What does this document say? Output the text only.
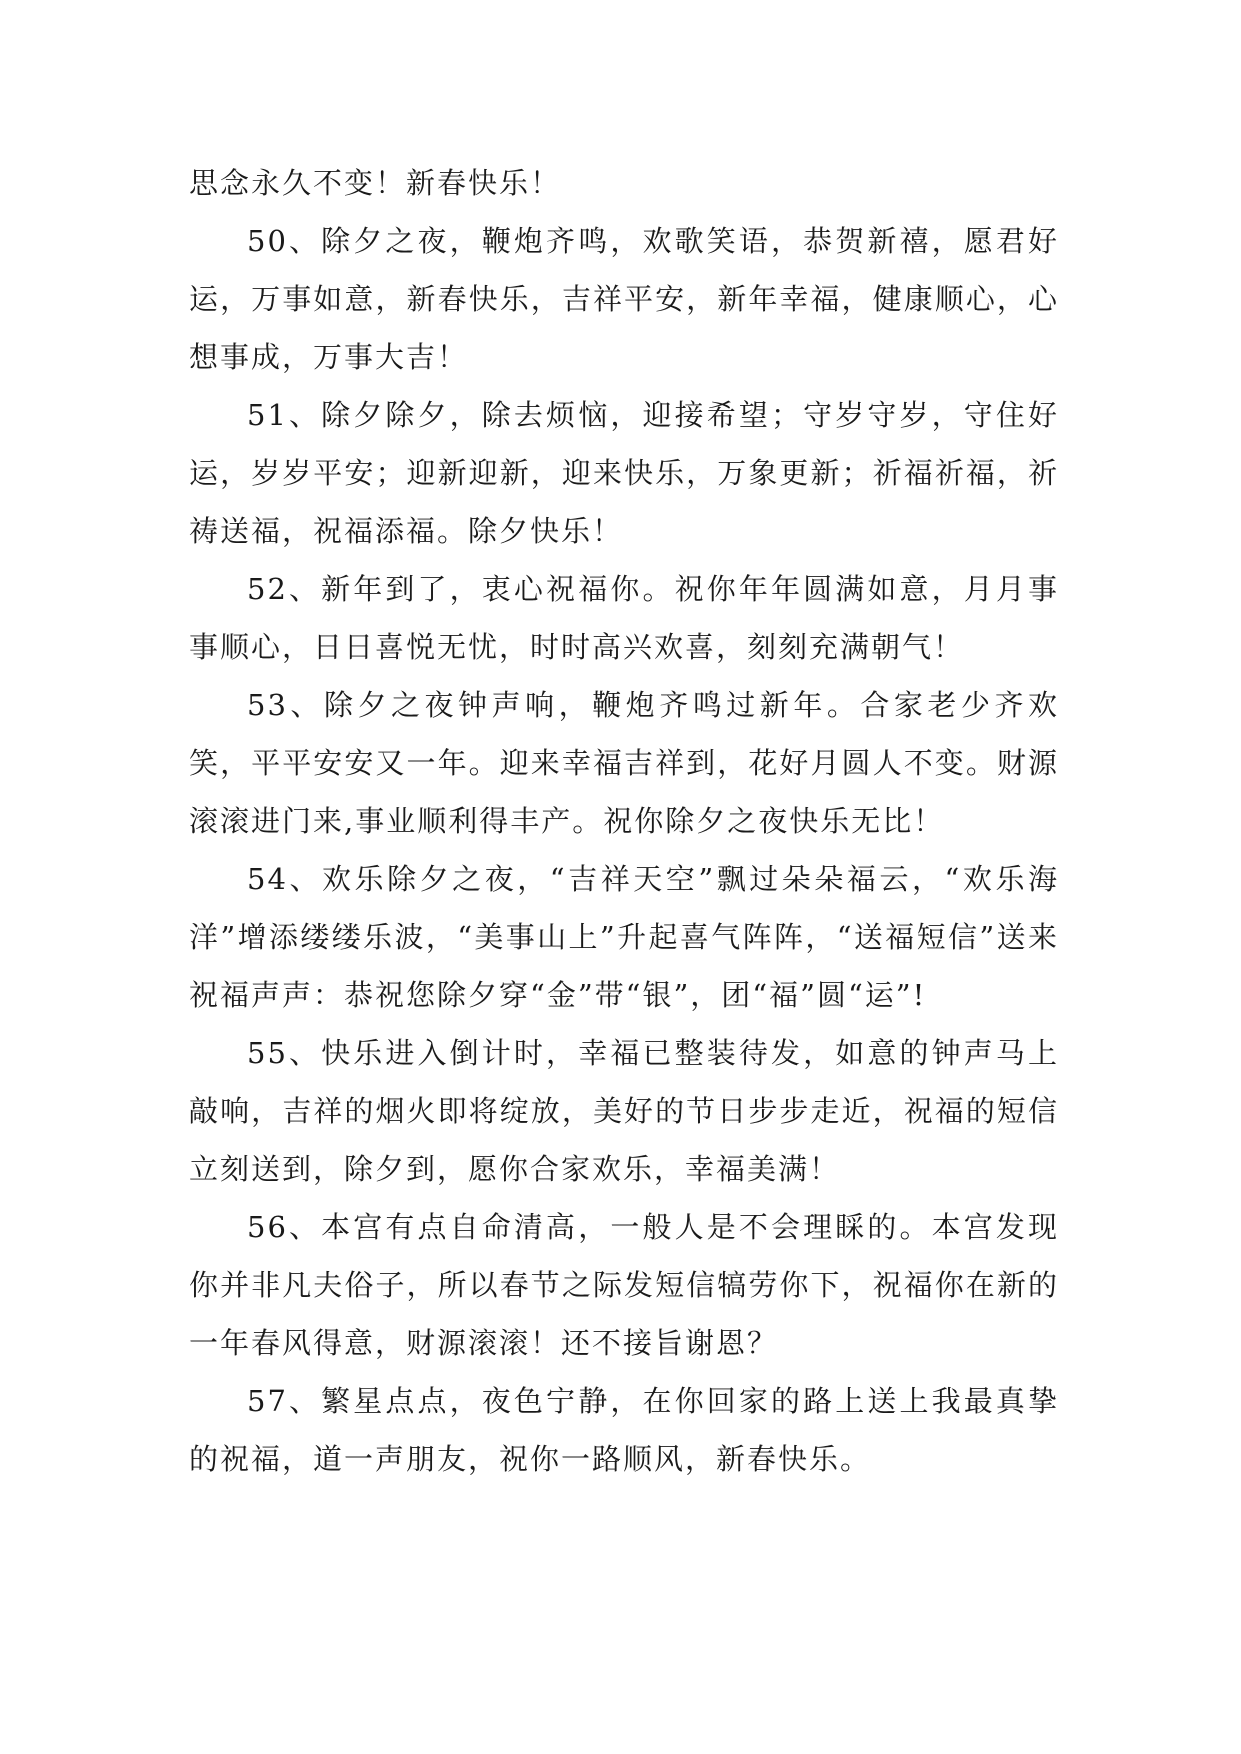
思念永久不变！新春快乐！

50、除夕之夜，鞭炮齐鸣，欢歌笑语，恭贺新禧，愿君好运，万事如意，新春快乐，吉祥平安，新年幸福，健康顺心，心想事成，万事大吉！

51、除夕除夕，除去烦恼，迎接希望；守岁守岁，守住好运，岁岁平安；迎新迎新，迎来快乐，万象更新；祈福祈福，祈祷送福，祝福添福。除夕快乐！

52、新年到了，衷心祝福你。祝你年年圆满如意，月月事事顺心，日日喜悦无忧，时时高兴欢喜，刻刻充满朝气！

53、除夕之夜钟声响，鞭炮齐鸣过新年。合家老少齐欢笑，平平安安又一年。迎来幸福吉祥到，花好月圆人不变。财源滚滚进门来,事业顺利得丰产。祝你除夕之夜快乐无比！

54、欢乐除夕之夜，“吉祥天空”飘过朵朵福云，“欢乐海洋”增添缕缕乐波，“美事山上”升起喜气阵阵，“送福短信”送来祝福声声：恭祝您除夕穿“金”带“银”，团“福”圆“运”!

55、快乐进入倒计时，幸福已整装待发，如意的钟声马上敲响，吉祥的烟火即将绽放，美好的节日步步走近，祝福的短信立刻送到，除夕到，愿你合家欢乐，幸福美满！

56、本宫有点自命清高，一般人是不会理睬的。本宫发现你并非凡夫俗子，所以春节之际发短信犒劳你下，祝福你在新的一年春风得意，财源滚滚！还不接旨谢恩？

57、繁星点点，夜色宁静，在你回家的路上送上我最真挚的祝福，道一声朋友，祝你一路顺风，新春快乐。
